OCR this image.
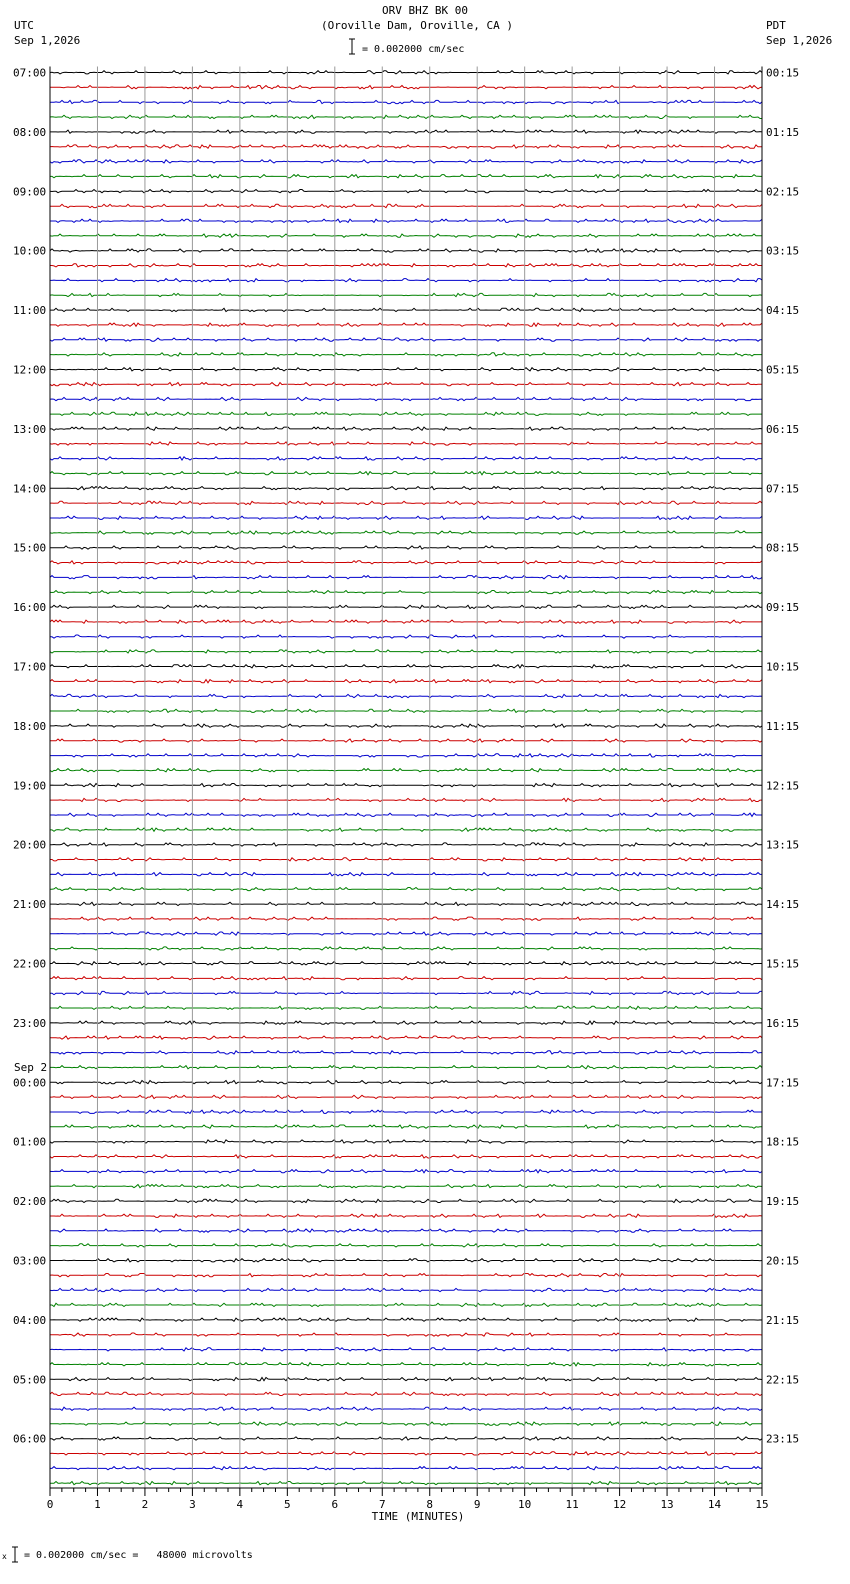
ORV BHZ BK 00
(Oroville Dam, Oroville, CA )
UTC
Sep 1,2026
PDT
Sep 1,2026
= 0.002000 cm/sec
07:00
08:00
09:00
10:00
11:00
12:00
13:00
14:00
15:00
16:00
17:00
18:00
19:00
20:00
21:00
22:00
23:00
00:00
01:00
02:00
03:00
04:00
05:00
06:00
00:15
01:15
02:15
03:15
04:15
05:15
06:15
07:15
08:15
09:15
10:15
11:15
12:15
13:15
14:15
15:15
16:15
17:15
18:15
19:15
20:15
21:15
22:15
23:15
0	1	2	3	4	5	6	7	8	9	10	11	12	13	14	15
TIME (MINUTES)
Sep 2
x = 0.002000 cm/sec =   48000 microvolts
